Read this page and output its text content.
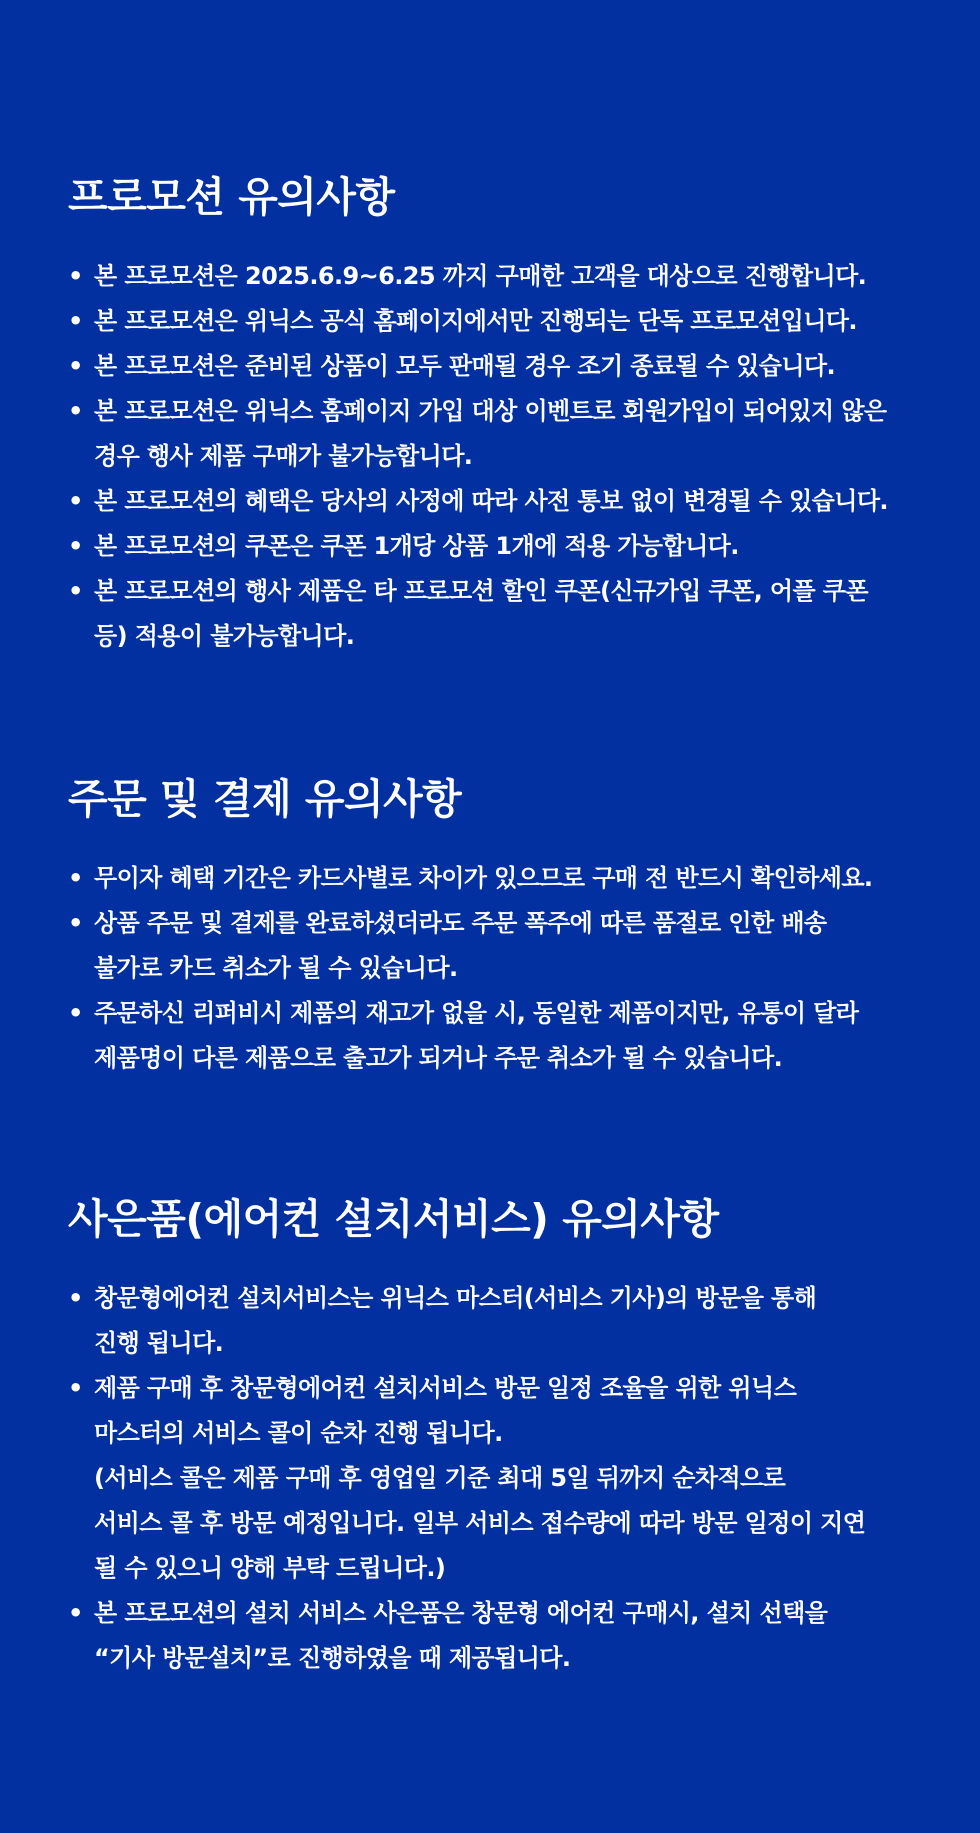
프로모션 유의사항
• 본 프로모션은 2025.6.9~6.25 까지 구매한 고객을 대상으로 진행합니다.
• 본 프로모션은 위닉스 공식 홈페이지에서만 진행되는 단독 프로모션입니다.
• 본 프로모션은 준비된 상품이 모두 판매될 경우 조기 종료될 수 있습니다.
• 본 프로모션은 위닉스 홈페이지 가입 대상 이벤트로 회원가입이 되어있지 않은
경우 행사 제품 구매가 불가능합니다.
• 본 프로모션의 혜택은 당사의 사정에 따라 사전 통보 없이 변경될 수 있습니다.
• 본 프로모션의 쿠폰은 쿠폰 1개당 상품 1개에 적용 가능합니다.
• 본 프로모션의 행사 제품은 타 프로모션 할인 쿠폰(신규가입 쿠폰, 어플 쿠폰
등) 적용이 불가능합니다.
주문 및 결제 유의사항
• 무이자 혜택 기간은 카드사별로 차이가 있으므로 구매 전 반드시 확인하세요.
• 상품 주문 및 결제를 완료하셨더라도 주문 폭주에 따른 품절로 인한 배송
불가로 카드 취소가 될 수 있습니다.
• 주문하신 리퍼비시 제품의 재고가 없을 시, 동일한 제품이지만, 유통이 달라
제품명이 다른 제품으로 출고가 되거나 주문 취소가 될 수 있습니다.
사은품(에어컨 설치서비스) 유의사항
• 창문형에어컨 설치서비스는 위닉스 마스터(서비스 기사)의 방문을 통해
진행 됩니다.
• 제품 구매 후 창문형에어컨 설치서비스 방문 일정 조율을 위한 위닉스
마스터의 서비스 콜이 순차 진행 됩니다.
(서비스 콜은 제품 구매 후 영업일 기준 최대 5일 뒤까지 순차적으로
서비스 콜 후 방문 예정입니다. 일부 서비스 접수량에 따라 방문 일정이 지연
될 수 있으니 양해 부탁 드립니다.)
• 본 프로모션의 설치 서비스 사은품은 창문형 에어컨 구매시, 설치 선택을
“기사 방문설치”로 진행하였을 때 제공됩니다.
